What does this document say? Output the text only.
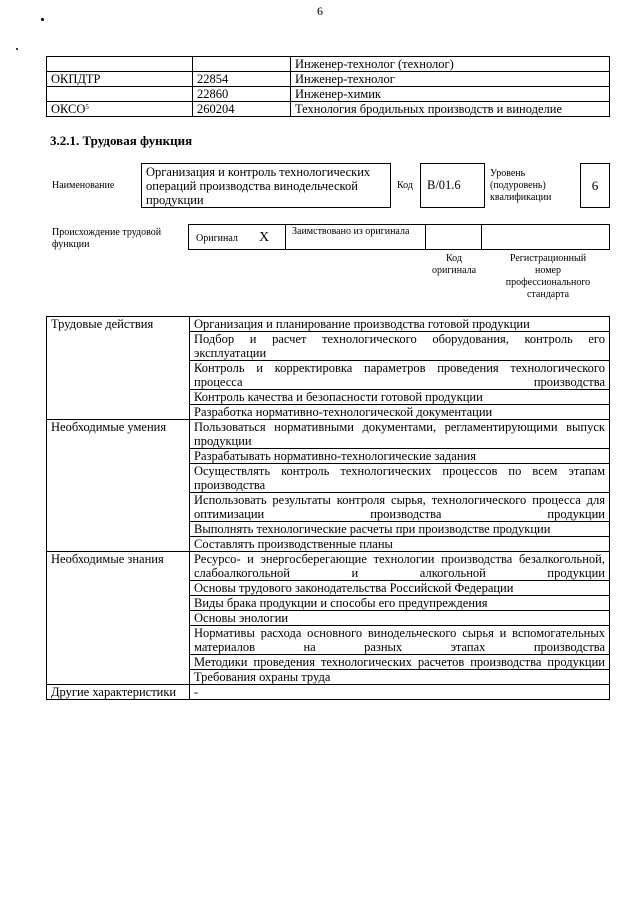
6
		Инженер-технолог (технолог)
ОКПДТР	22854	Инженер-технолог
	22860	Инженер-химик
ОКСО$^5$	260204	Технология бродильных производств и виноделие
3.2.1. Трудовая функция
Наименование
Организация и контроль технологических операций производства винодельческой продукции
Код B/01.6
Уровень (подуровень) квалификации
6
Происхождение трудовой функции
Оригинал X Заимствовано из оригинала
Код оригинала
Регистрационный номер профессионального стандарта
Трудовые действия	Организация и планирование производства готовой продукции
	Подбор и расчет технологического оборудования, контроль его эксплуатации
	Контроль и корректировка параметров проведения технологического процесса производства
	Контроль качества и безопасности готовой продукции
	Разработка нормативно-технологической документации
Необходимые умения	Пользоваться нормативными документами, регламентирующими выпуск продукции
	Разрабатывать нормативно-технологические задания
	Осуществлять контроль технологических процессов по всем этапам производства
	Использовать результаты контроля сырья, технологического процесса для оптимизации производства продукции
	Выполнять технологические расчеты при производстве продукции
	Составлять производственные планы
Необходимые знания	Ресурсо- и энергосберегающие технологии производства безалкогольной, слабоалкогольной и алкогольной продукции
	Основы трудового законодательства Российской Федерации
	Виды брака продукции и способы его предупреждения
	Основы энологии
	Нормативы расхода основного винодельческого сырья и вспомогательных материалов на разных этапах производства
	Методики проведения технологических расчетов производства продукции
	Требования охраны труда
Другие характеристики	-
